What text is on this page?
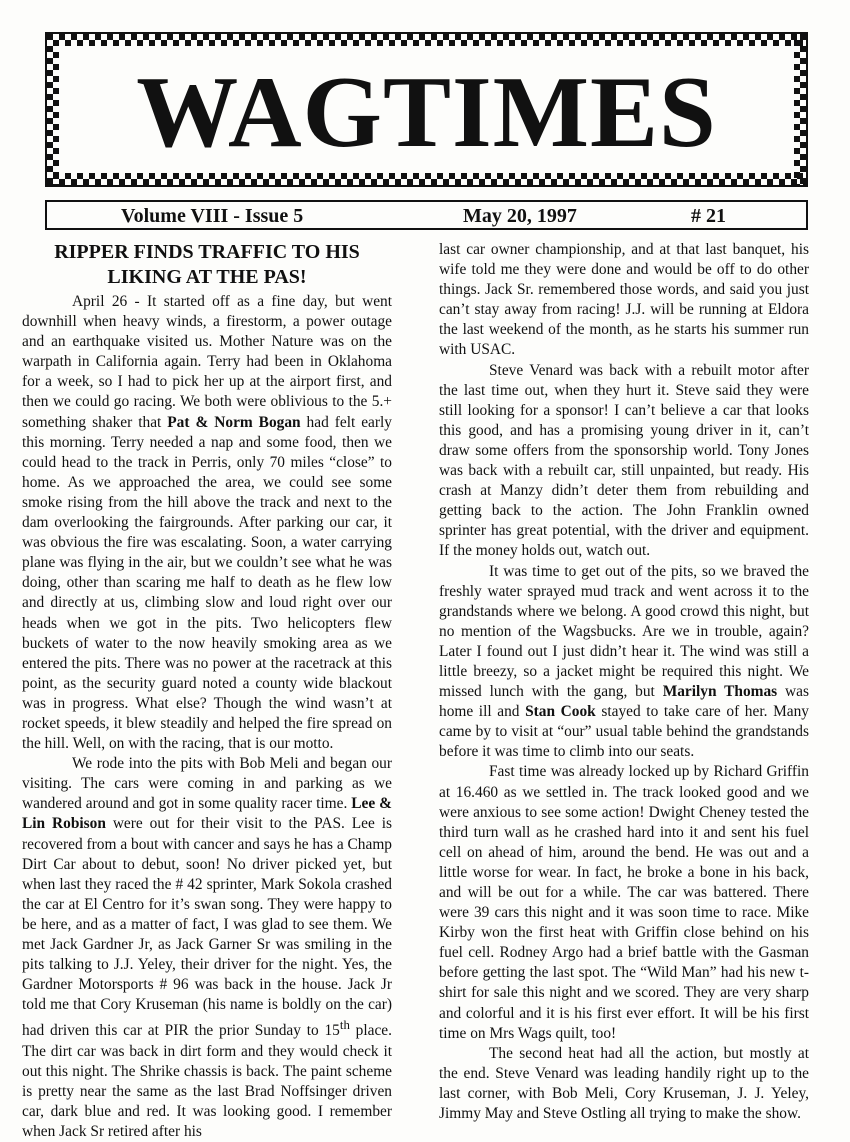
WAGTIMES
Volume VIII - Issue 5	May 20, 1997	# 21
RIPPER FINDS TRAFFIC TO HIS LIKING AT THE PAS!

April 26 - It started off as a fine day, but went downhill when heavy winds, a firestorm, a power outage and an earthquake visited us. Mother Nature was on the warpath in California again. Terry had been in Oklahoma for a week, so I had to pick her up at the airport first, and then we could go racing. We both were oblivious to the 5.+ something shaker that Pat & Norm Bogan had felt early this morning. Terry needed a nap and some food, then we could head to the track in Perris, only 70 miles “close” to home. As we approached the area, we could see some smoke rising from the hill above the track and next to the dam overlooking the fairgrounds. After parking our car, it was obvious the fire was escalating. Soon, a water carrying plane was flying in the air, but we couldn’t see what he was doing, other than scaring me half to death as he flew low and directly at us, climbing slow and loud right over our heads when we got in the pits. Two helicopters flew buckets of water to the now heavily smoking area as we entered the pits. There was no power at the racetrack at this point, as the security guard noted a county wide blackout was in progress. What else? Though the wind wasn’t at rocket speeds, it blew steadily and helped the fire spread on the hill. Well, on with the racing, that is our motto.

We rode into the pits with Bob Meli and began our visiting. The cars were coming in and parking as we wandered around and got in some quality racer time. Lee & Lin Robison were out for their visit to the PAS. Lee is recovered from a bout with cancer and says he has a Champ Dirt Car about to debut, soon! No driver picked yet, but when last they raced the # 42 sprinter, Mark Sokola crashed the car at El Centro for it’s swan song. They were happy to be here, and as a matter of fact, I was glad to see them. We met Jack Gardner Jr, as Jack Garner Sr was smiling in the pits talking to J.J. Yeley, their driver for the night. Yes, the Gardner Motorsports # 96 was back in the house. Jack Jr told me that Cory Kruseman (his name is boldly on the car) had driven this car at PIR the prior Sunday to 15th place. The dirt car was back in dirt form and they would check it out this night. The Shrike chassis is back. The paint scheme is pretty near the same as the last Brad Noffsinger driven car, dark blue and red. It was looking good. I remember when Jack Sr retired after his

last car owner championship, and at that last banquet, his wife told me they were done and would be off to do other things. Jack Sr. remembered those words, and said you just can’t stay away from racing! J.J. will be running at Eldora the last weekend of the month, as he starts his summer run with USAC.

Steve Venard was back with a rebuilt motor after the last time out, when they hurt it. Steve said they were still looking for a sponsor! I can’t believe a car that looks this good, and has a promising young driver in it, can’t draw some offers from the sponsorship world. Tony Jones was back with a rebuilt car, still unpainted, but ready. His crash at Manzy didn’t deter them from rebuilding and getting back to the action. The John Franklin owned sprinter has great potential, with the driver and equipment. If the money holds out, watch out.

It was time to get out of the pits, so we braved the freshly water sprayed mud track and went across it to the grandstands where we belong. A good crowd this night, but no mention of the Wagsbucks. Are we in trouble, again? Later I found out I just didn’t hear it. The wind was still a little breezy, so a jacket might be required this night. We missed lunch with the gang, but Marilyn Thomas was home ill and Stan Cook stayed to take care of her. Many came by to visit at “our” usual table behind the grandstands before it was time to climb into our seats.

Fast time was already locked up by Richard Griffin at 16.460 as we settled in. The track looked good and we were anxious to see some action! Dwight Cheney tested the third turn wall as he crashed hard into it and sent his fuel cell on ahead of him, around the bend. He was out and a little worse for wear. In fact, he broke a bone in his back, and will be out for a while. The car was battered. There were 39 cars this night and it was soon time to race. Mike Kirby won the first heat with Griffin close behind on his fuel cell. Rodney Argo had a brief battle with the Gasman before getting the last spot. The “Wild Man” had his new t-shirt for sale this night and we scored. They are very sharp and colorful and it is his first ever effort. It will be his first time on Mrs Wags quilt, too!

The second heat had all the action, but mostly at the end. Steve Venard was leading handily right up to the last corner, with Bob Meli, Cory Kruseman, J. J. Yeley, Jimmy May and Steve Ostling all trying to make the show.
